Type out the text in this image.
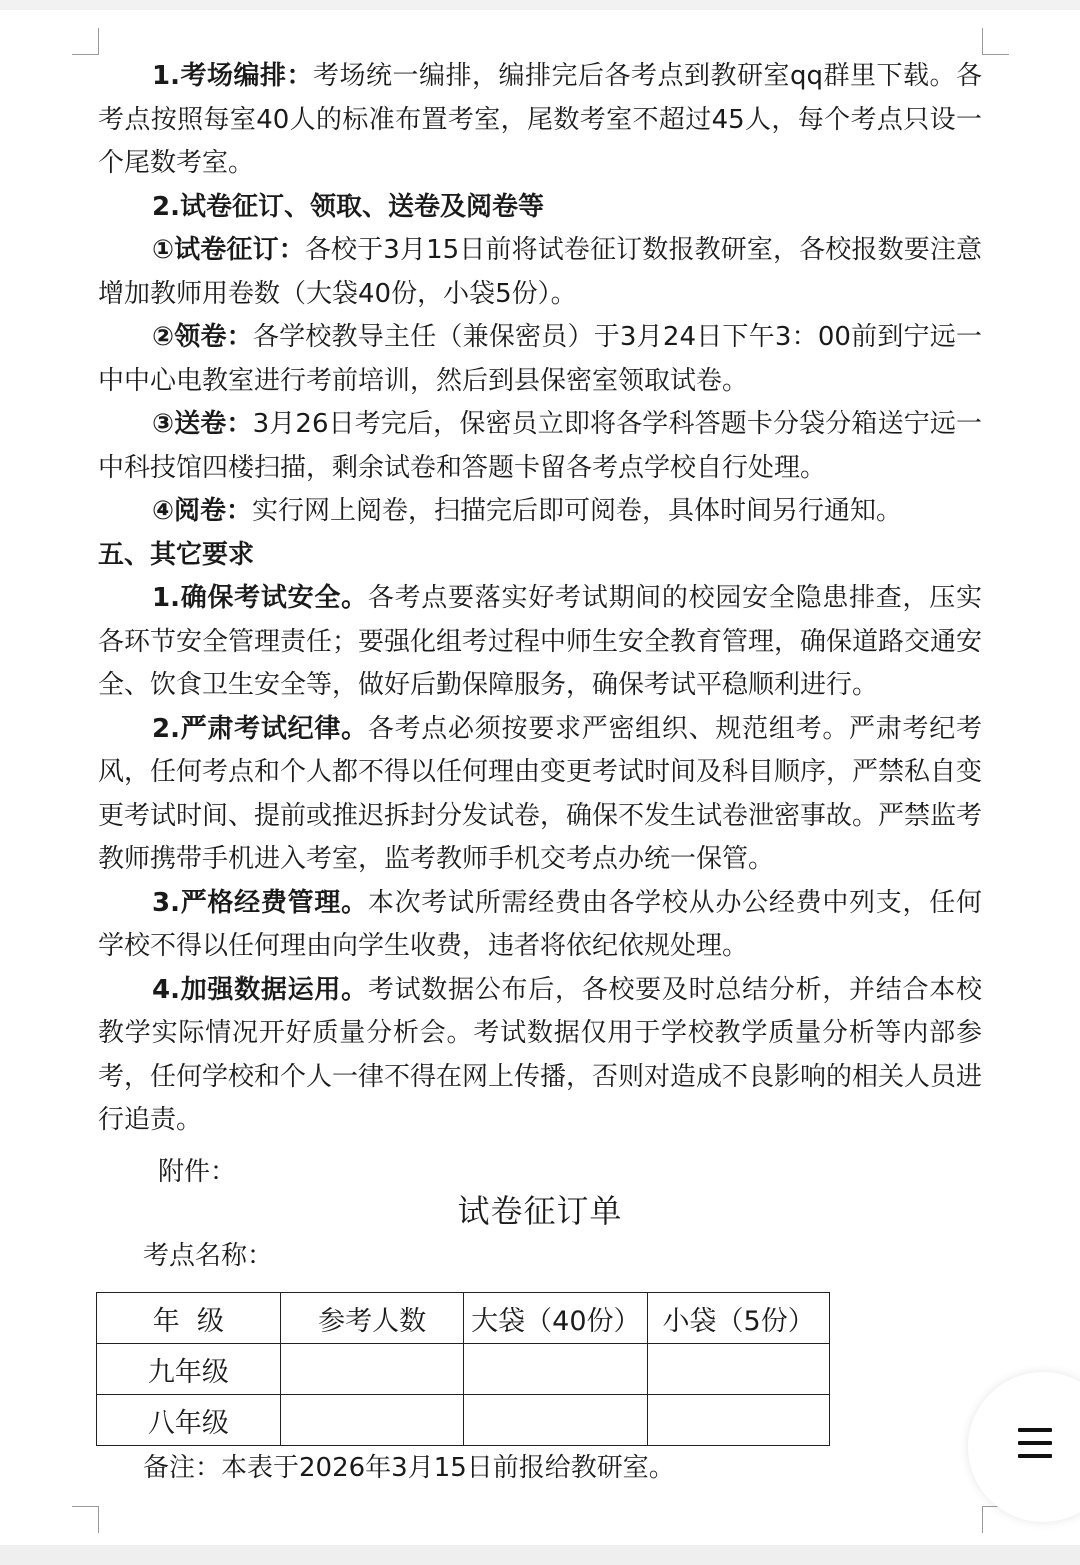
1.考场编排：考场统一编排，编排完后各考点到教研室qq群里下载。各考点按照每室40人的标准布置考室，尾数考室不超过45人，每个考点只设一个尾数考室。

2.试卷征订、领取、送卷及阅卷等

①试卷征订：各校于3月15日前将试卷征订数报教研室，各校报数要注意增加教师用卷数（大袋40份，小袋5份）。

②领卷：各学校教导主任（兼保密员）于3月24日下午3：00前到宁远一中中心电教室进行考前培训，然后到县保密室领取试卷。

③送卷：3月26日考完后，保密员立即将各学科答题卡分袋分箱送宁远一中科技馆四楼扫描，剩余试卷和答题卡留各考点学校自行处理。

④阅卷：实行网上阅卷，扫描完后即可阅卷，具体时间另行通知。

五、其它要求

1.确保考试安全。各考点要落实好考试期间的校园安全隐患排查，压实各环节安全管理责任；要强化组考过程中师生安全教育管理，确保道路交通安全、饮食卫生安全等，做好后勤保障服务，确保考试平稳顺利进行。

2.严肃考试纪律。各考点必须按要求严密组织、规范组考。严肃考纪考风，任何考点和个人都不得以任何理由变更考试时间及科目顺序，严禁私自变更考试时间、提前或推迟拆封分发试卷，确保不发生试卷泄密事故。严禁监考教师携带手机进入考室，监考教师手机交考点办统一保管。

3.严格经费管理。本次考试所需经费由各学校从办公经费中列支，任何学校不得以任何理由向学生收费，违者将依纪依规处理。

4.加强数据运用。考试数据公布后，各校要及时总结分析，并结合本校教学实际情况开好质量分析会。考试数据仅用于学校教学质量分析等内部参考，任何学校和个人一律不得在网上传播，否则对造成不良影响的相关人员进行追责。

附件：
试卷征订单
考点名称：
年  级	参考人数	大袋（40份）	小袋（5份）
九年级			
八年级			
备注：本表于2026年3月15日前报给教研室。
